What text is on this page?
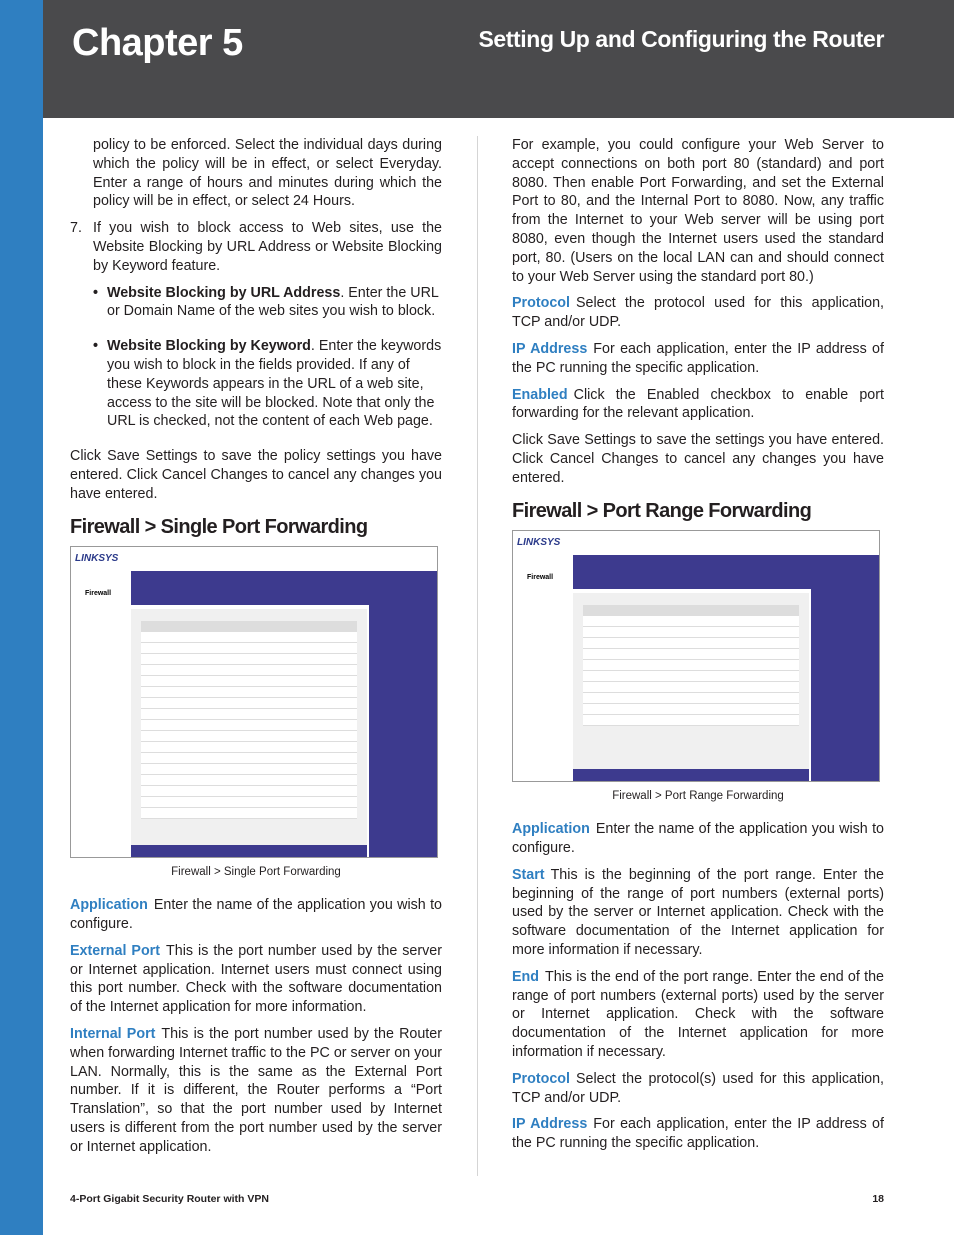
Chapter 5	Setting Up and Configuring the Router

policy to be enforced. Select the individual days during which the policy will be in effect, or select Everyday. Enter a range of hours and minutes during which the policy will be in effect, or select 24 Hours.

7. If you wish to block access to Web sites, use the Website Blocking by URL Address or Website Blocking by Keyword feature.

• Website Blocking by URL Address. Enter the URL or Domain Name of the web sites you wish to block.

• Website Blocking by Keyword. Enter the keywords you wish to block in the fields provided. If any of these Keywords appears in the URL of a web site, access to the site will be blocked. Note that only the URL is checked, not the content of each Web page.

Click Save Settings to save the policy settings you have entered. Click Cancel Changes to cancel any changes you have entered.

Firewall > Single Port Forwarding
LINKSYS
Firewall
Firewall > Single Port Forwarding

Application Enter the name of the application you wish to configure.

External Port This is the port number used by the server or Internet application. Internet users must connect using this port number. Check with the software documentation of the Internet application for more information.

Internal Port This is the port number used by the Router when forwarding Internet traffic to the PC or server on your LAN. Normally, this is the same as the External Port number. If it is different, the Router performs a “Port Translation”, so that the port number used by Internet users is different from the port number used by the server or Internet application.

For example, you could configure your Web Server to accept connections on both port 80 (standard) and port 8080. Then enable Port Forwarding, and set the External Port to 80, and the Internal Port to 8080. Now, any traffic from the Internet to your Web server will be using port 8080, even though the Internet users used the standard port, 80. (Users on the local LAN can and should connect to your Web Server using the standard port 80.)

Protocol Select the protocol used for this application, TCP and/or UDP.

IP Address For each application, enter the IP address of the PC running the specific application.

Enabled Click the Enabled checkbox to enable port forwarding for the relevant application.

Click Save Settings to save the settings you have entered. Click Cancel Changes to cancel any changes you have entered.

Firewall > Port Range Forwarding
LINKSYS
Firewall
Firewall > Port Range Forwarding

Application Enter the name of the application you wish to configure.

Start This is the beginning of the port range. Enter the beginning of the range of port numbers (external ports) used by the server or Internet application. Check with the software documentation of the Internet application for more information if necessary.

End This is the end of the port range. Enter the end of the range of port numbers (external ports) used by the server or Internet application. Check with the software documentation of the Internet application for more information if necessary.

Protocol Select the protocol(s) used for this application, TCP and/or UDP.

IP Address For each application, enter the IP address of the PC running the specific application.

4-Port Gigabit Security Router with VPN	18
